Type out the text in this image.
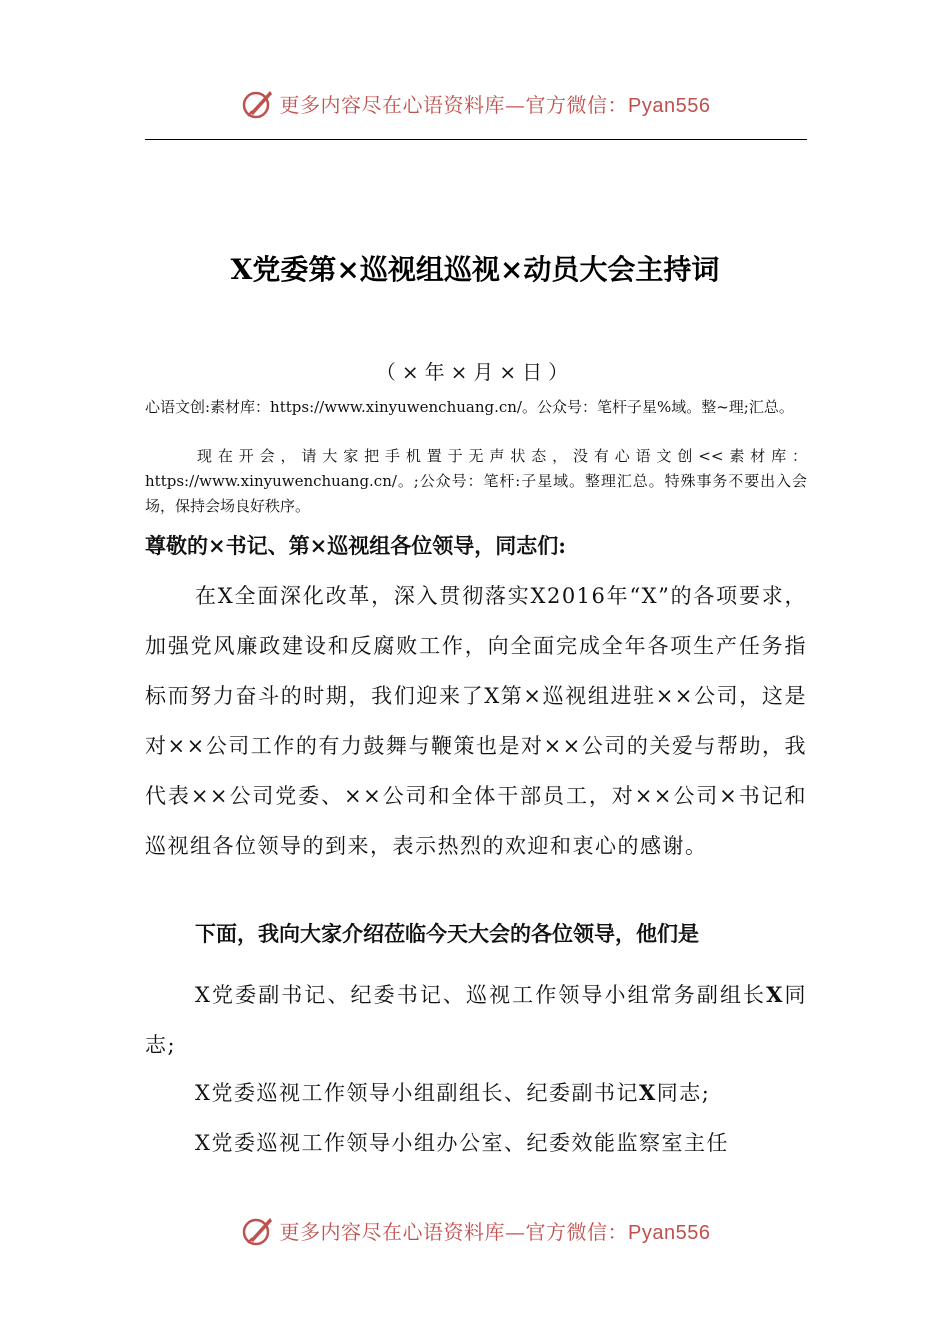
更多内容尽在心语资料库—官方微信：Pyan556
X党委第×巡视组巡视×动员大会主持词
（×年×月×日）
心语文创:素材库：https://www.xinyuwenchuang.cn/。公众号：笔杆子星%域。整~理;汇总。
现在开会，请大家把手机置于无声状态，没有心语文创<<素材库：https://www.xinyuwenchuang.cn/。;公众号：笔杆:子星域。整理汇总。特殊事务不要出入会场，保持会场良好秩序。
尊敬的×书记、第×巡视组各位领导，同志们:
在X全面深化改革，深入贯彻落实X2016年“X”的各项要求，加强党风廉政建设和反腐败工作，向全面完成全年各项生产任务指标而努力奋斗的时期，我们迎来了X第×巡视组进驻××公司，这是对××公司工作的有力鼓舞与鞭策也是对××公司的关爱与帮助，我代表××公司党委、××公司和全体干部员工，对××公司×书记和巡视组各位领导的到来，表示热烈的欢迎和衷心的感谢。
下面，我向大家介绍莅临今天大会的各位领导，他们是
X党委副书记、纪委书记、巡视工作领导小组常务副组长X同志;
X党委巡视工作领导小组副组长、纪委副书记X同志;
X党委巡视工作领导小组办公室、纪委效能监察室主任
更多内容尽在心语资料库—官方微信：Pyan556
